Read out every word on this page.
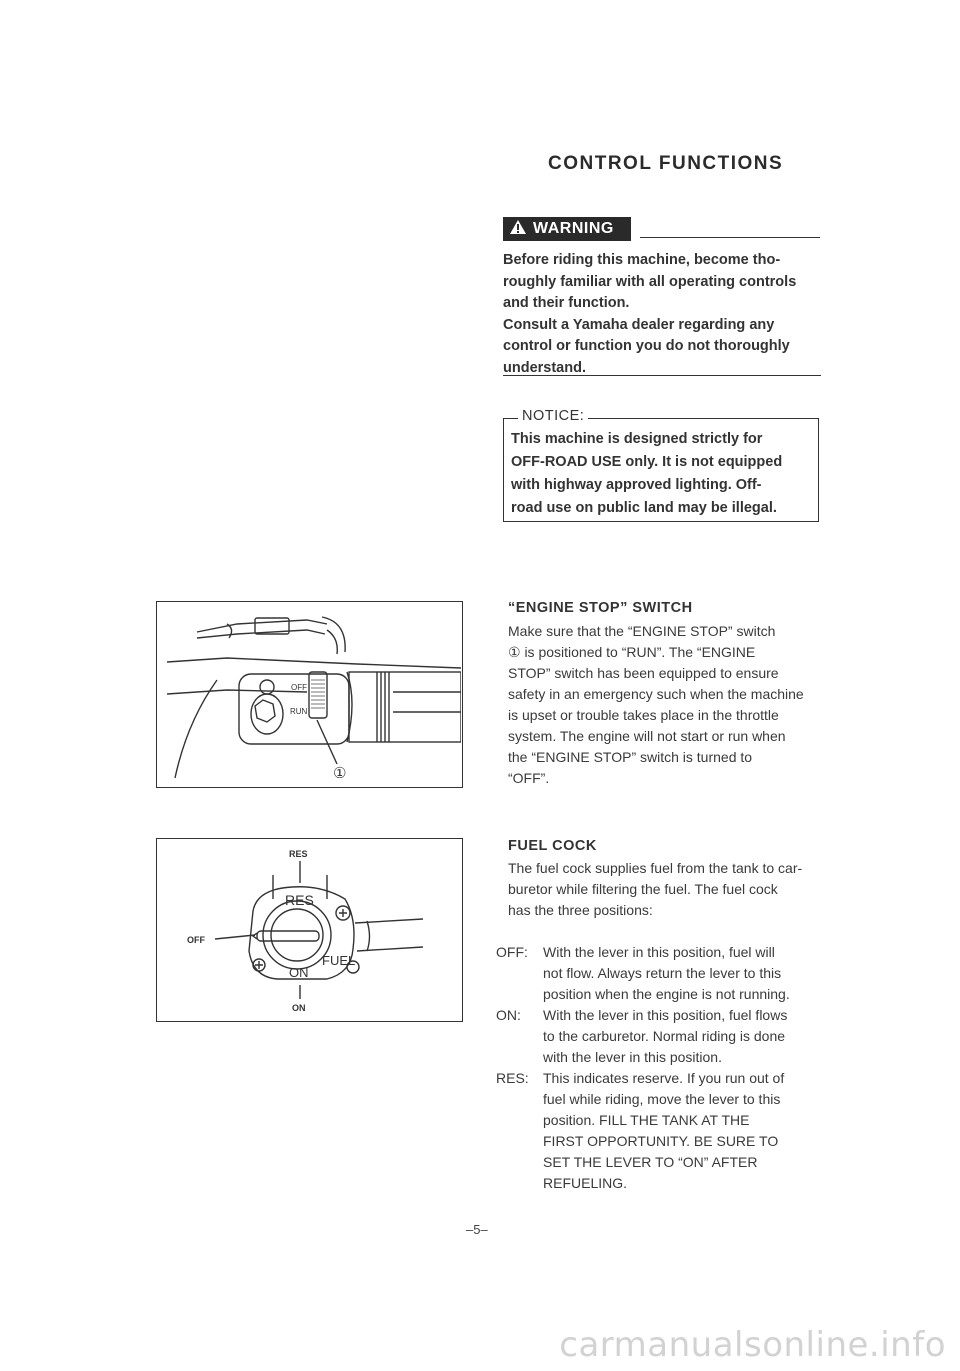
CONTROL FUNCTIONS
WARNING
Before riding this machine, become tho-
roughly familiar with all operating controls
and their function.
Consult a Yamaha dealer regarding any
control or function you do not thoroughly
understand.
NOTICE:
This machine is designed strictly for
OFF-ROAD USE only. It is not equipped
with highway approved lighting. Off-
road use on public land may be illegal.
OFF
RUN
①
RES
RES
OFF
ON
FUEL
ON
“ENGINE STOP” SWITCH
Make sure that the “ENGINE STOP” switch
① is positioned to “RUN”. The “ENGINE
STOP” switch has been equipped to ensure
safety in an emergency such when the machine
is upset or trouble takes place in the throttle
system. The engine will not start or run when
the “ENGINE STOP” switch is turned to
“OFF”.
FUEL COCK
The fuel cock supplies fuel from the tank to car-
buretor while filtering the fuel. The fuel cock
has the three positions:
OFF:	With the lever in this position, fuel will
not flow. Always return the lever to this
position when the engine is not running.
ON:	With the lever in this position, fuel flows
to the carburetor. Normal riding is done
with the lever in this position.
RES:	This indicates reserve. If you run out of
fuel while riding, move the lever to this
position. FILL THE TANK AT THE
FIRST OPPORTUNITY. BE SURE TO
SET THE LEVER TO “ON” AFTER
REFUELING.
–5–
carmanualsonline.info
